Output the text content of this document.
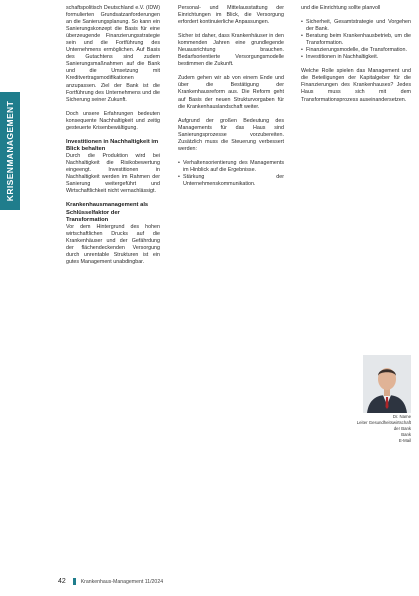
KRISENMANAGEMENT

schaftspolitisch Deutschland e.V. (IDW) formulierten Grundsatzanforderungen an die Sanierungsplanung. So kann ein Sanierungskonzept die Basis für eine überzeugende Finanzierungsstrategie sein und die Fortführung des Unternehmens ermöglichen. Auf Basis des Gutachtens sind zudem Sanierungsmaßnahmen auf die Bank und die Umsetzung mit Kreditvertragsmodifikationen anzupassen. Ziel der Bank ist die Fortführung des Unternehmens und die Sicherung seiner Zukunft.

Doch unsere Erfahrungen bedeuten konsequente Nachhaltigkeit und zeitig gesteuerte Krisenbewältigung.

Investitionen in Nachhaltigkeit im Blick behalten

Durch die Produktion wird bei Nachhaltigkeit die Risikobewertung eingeengt. Investitionen in Nachhaltigkeit werden im Rahmen der Sanierung weitergeführt und Wirtschaftlichkeit nicht vernachlässigt.

Krankenhausmanagement als Schlüsselfaktor der Transformation

Vor dem Hintergrund des hohen wirtschaftlichen Drucks auf die Krankenhäuser und der Gefährdung der flächendeckenden Versorgung durch unrentable Strukturen ist ein gutes Management unabdingbar.

Personal- und Mittelausstattung der Einrichtungen im Blick, die Versorgung erfordert kontinuierliche Anpassungen.

Sicher ist daher, dass Krankenhäuser in den kommenden Jahren eine grundlegende Neuausrichtung brauchen. Bedarfsorientierte Versorgungsmodelle bestimmen die Zukunft.

Zudem gehen wir ab von einem Ende und über die Bestätigung der Krankenhausreform aus. Die Reform geht auf Basis der neuen Strukturvorgaben für die Krankenhauslandschaft weiter.

Aufgrund der großen Bedeutung des Managements für das Haus sind Sanierungsprozesse vorzubereiten. Zusätzlich muss die Steuerung verbessert werden:

• Verhaltensorientierung des Managements im Hinblick auf die Ergebnisse.
• Stärkung der Unternehmenskommunikation.

und die Einrichtung sollte planvoll

• Sicherheit, Gesamtstrategie und Vorgehen der Bank.
• Beratung beim Krankenhausbetrieb, um die Transformation.
• Finanzierungsmodelle, die Transformation.
• Investitionen in Nachhaltigkeit.

Welche Rolle spielen das Management und die Beteiligungen der Kapitalgeber für die Finanzierungen des Krankenhauses? Jedes Haus muss sich mit dem Transformationsprozess auseinandersetzen.

Dr. Name
Leiter Gesundheitswirtschaft
der Bank
Bank
E-Mail
42	Krankenhaus-Management 11/2024
